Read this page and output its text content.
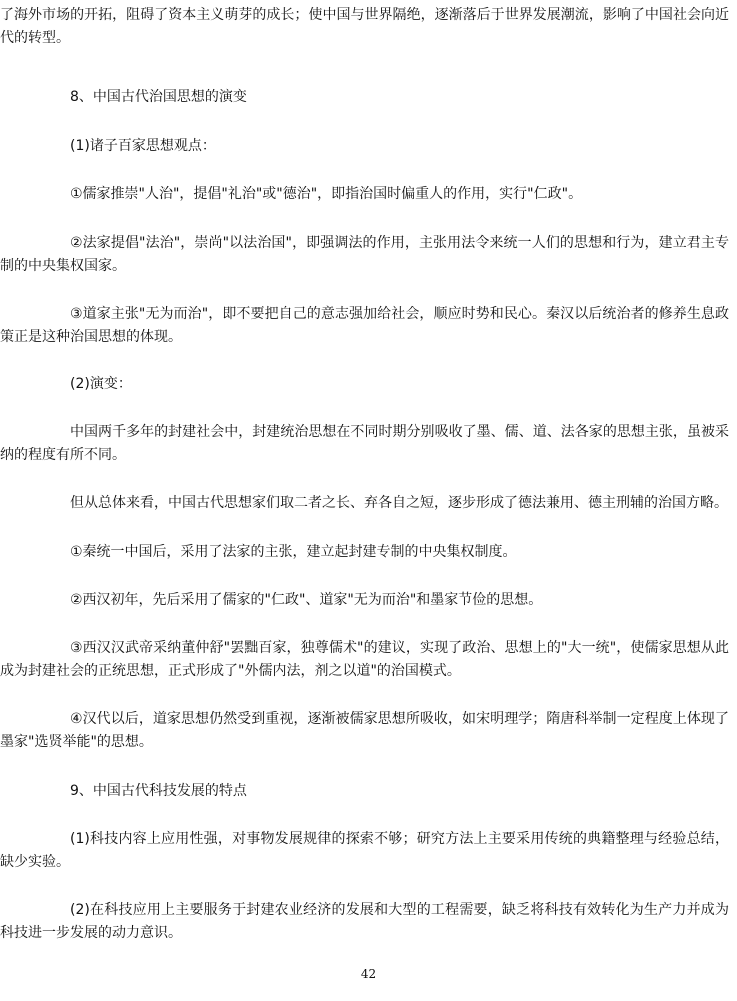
了海外市场的开拓，阻碍了资本主义萌芽的成长；使中国与世界隔绝，逐渐落后于世界发展潮流，影响了中国社会向近代的转型。

8、中国古代治国思想的演变

(1)诸子百家思想观点：

①儒家推崇"人治"，提倡"礼治"或"德治"，即指治国时偏重人的作用，实行"仁政"。

②法家提倡"法治"，崇尚"以法治国"，即强调法的作用，主张用法令来统一人们的思想和行为，建立君主专制的中央集权国家。

③道家主张"无为而治"，即不要把自己的意志强加给社会，顺应时势和民心。秦汉以后统治者的修养生息政策正是这种治国思想的体现。

(2)演变：

中国两千多年的封建社会中，封建统治思想在不同时期分别吸收了墨、儒、道、法各家的思想主张，虽被采纳的程度有所不同。

但从总体来看，中国古代思想家们取二者之长、弃各自之短，逐步形成了德法兼用、德主刑辅的治国方略。

①秦统一中国后，采用了法家的主张，建立起封建专制的中央集权制度。

②西汉初年，先后采用了儒家的"仁政"、道家"无为而治"和墨家节俭的思想。

③西汉汉武帝采纳董仲舒"罢黜百家，独尊儒术"的建议，实现了政治、思想上的"大一统"，使儒家思想从此成为封建社会的正统思想，正式形成了"外儒内法，剂之以道"的治国模式。

④汉代以后，道家思想仍然受到重视，逐渐被儒家思想所吸收，如宋明理学；隋唐科举制一定程度上体现了墨家"选贤举能"的思想。

9、中国古代科技发展的特点

(1)科技内容上应用性强，对事物发展规律的探索不够；研究方法上主要采用传统的典籍整理与经验总结，缺少实验。

(2)在科技应用上主要服务于封建农业经济的发展和大型的工程需要，缺乏将科技有效转化为生产力并成为科技进一步发展的动力意识。

42
